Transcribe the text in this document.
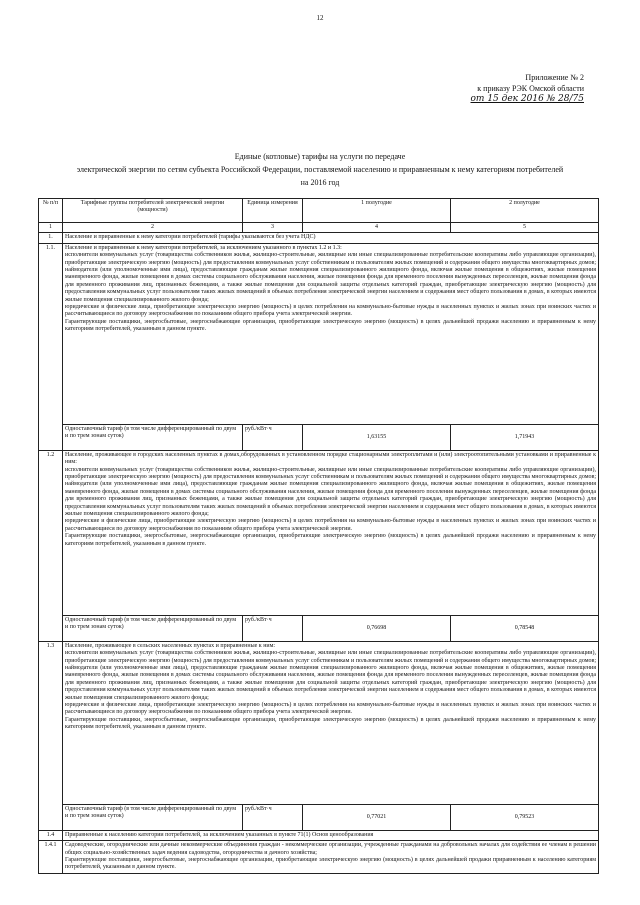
12
Приложение № 2
к приказу РЭК Омской области
от 15 дек 2016 № 28/75
Единые (котловые) тарифы на услуги по передаче
электрической энергии по сетям субъекта Российской Федерации, поставляемой населению и приравненным к нему категориям потребителей
на 2016 год
№ п/п	Тарифные группы потребителей электрической энергии (мощности)	Единица измерения	1 полугодие	2 полугодие
1	2	3	4	5
1.	Население и приравненные к нему категории потребителей (тарифы указываются без учета НДС)			
1.1.	Население и приравненные к нему категории потребителей, за исключением указанного в пунктах 1.2 и 1.3:

исполнители коммунальных услуг (товарищества собственников жилья, жилищно-строительные, жилищные или иные специализированные потребительские кооперативы либо управляющие организации), приобретающие электрическую энергию (мощность) для предоставления коммунальных услуг собственникам и пользователям жилых помещений и содержания общего имущества многоквартирных домов; наймодатели (или уполномоченные ими лица), предоставляющие гражданам жилые помещения специализированного жилищного фонда, включая жилые помещения в общежитиях, жилые помещения маневренного фонда, жилые помещения в домах системы социального обслуживания населения, жилые помещения фонда для временного поселения вынужденных переселенцев, жилые помещения фонда для временного проживания лиц, признанных беженцами, а также жилые помещения для социальной защиты отдельных категорий граждан, приобретающие электрическую энергию (мощность) для предоставления коммунальных услуг пользователям таких жилых помещений в объемах потребления электрической энергии населением и содержания мест общего пользования в домах, в которых имеются жилые помещения специализированного жилого фонда;

юридические и физические лица, приобретающие электрическую энергию (мощность) в целях потребления на коммунально-бытовые нужды в населенных пунктах и жилых зонах при воинских частях и рассчитывающиеся по договору энергоснабжения по показаниям общего прибора учета электрической энергии.

Гарантирующие поставщики, энергосбытовые, энергоснабжающие организации, приобретающие электрическую энергию (мощность) в целях дальнейшей продажи населению и приравненным к нему категориям потребителей, указанным в данном пункте.			

	Одноставочный тариф (в том числе дифференцированный по двум и по трем зонам суток)	руб./кВт·ч	1,63155	1,71943
1.2	Население, проживающее в городских населенных пунктах в домах,оборудованных в установленном порядке стационарными электроплитами и (или) электроотопительными установками и приравненные к ним:

исполнители коммунальных услуг (товарищества собственников жилья, жилищно-строительные, жилищные или иные специализированные потребительские кооперативы либо управляющие организации), приобретающие электрическую энергию (мощность) для предоставления коммунальных услуг собственникам и пользователям жилых помещений и содержания общего имущества многоквартирных домов; наймодатели (или уполномоченные ими лица), предоставляющие гражданам жилые помещения специализированного жилищного фонда, включая жилые помещения в общежитиях, жилые помещения маневренного фонда, жилые помещения в домах системы социального обслуживания населения, жилые помещения фонда для временного поселения вынужденных переселенцев, жилые помещения фонда для временного проживания лиц, признанных беженцами, а также жилые помещения для социальной защиты отдельных категорий граждан, приобретающие электрическую энергию (мощность) для предоставления коммунальных услуг пользователям таких жилых помещений в объемах потребления электрической энергии населением и содержания мест общего пользования в домах, в которых имеются жилые помещения специализированного жилого фонда;

юридические и физические лица, приобретающие электрическую энергию (мощность) в целях потребления на коммунально-бытовые нужды в населенных пунктах и жилых зонах при воинских частях и рассчитывающиеся по договору энергоснабжения по показаниям общего прибора учета электрической энергии.

Гарантирующие поставщики, энергосбытовые, энергоснабжающие организации, приобретающие электрическую энергию (мощность) в целях дальнейшей продажи населению и приравненным к нему категориям потребителей, указанным в данном пункте.			

	Одноставочный тариф (в том числе дифференцированный по двум и по трем зонам суток)	руб./кВт·ч	0,76698	0,78548
1.3	Население, проживающее в сельских населенных пунктах и приравненные к ним:

исполнители коммунальных услуг (товарищества собственников жилья, жилищно-строительные, жилищные или иные специализированные потребительские кооперативы либо управляющие организации), приобретающие электрическую энергию (мощность) для предоставления коммунальных услуг собственникам и пользователям жилых помещений и содержания общего имущества многоквартирных домов; наймодатели (или уполномоченные ими лица), предоставляющие гражданам жилые помещения специализированного жилищного фонда, включая жилые помещения в общежитиях, жилые помещения маневренного фонда, жилые помещения в домах системы социального обслуживания населения, жилые помещения фонда для временного поселения вынужденных переселенцев, жилые помещения фонда для временного проживания лиц, признанных беженцами, а также жилые помещения для социальной защиты отдельных категорий граждан, приобретающие электрическую энергию (мощность) для предоставления коммунальных услуг пользователям таких жилых помещений в объемах потребления электрической энергии населением и содержания мест общего пользования в домах, в которых имеются жилые помещения специализированного жилого фонда;

юридические и физические лица, приобретающие электрическую энергию (мощность) в целях потребления на коммунально-бытовые нужды в населенных пунктах и жилых зонах при воинских частях и рассчитывающиеся по договору энергоснабжения по показаниям общего прибора учета электрической энергии.

Гарантирующие поставщики, энергосбытовые, энергоснабжающие организации, приобретающие электрическую энергию (мощность) в целях дальнейшей продажи населению и приравненным к нему категориям потребителей, указанным в данном пункте.			

	Одноставочный тариф (в том числе дифференцированный по двум и по трем зонам суток)	руб./кВт·ч	0,77021	0,79523
1.4	Приравненные к населению категории потребителей, за исключением указанных в пункте 71(1) Основ ценообразования			
1.4.1	Садоводческие, огороднические или дачные некоммерческие объединения граждан - некоммерческие организации, учрежденные гражданами на добровольных началах для содействия ее членам в решении общих социально-хозяйственных задач ведения садоводства, огородничества и дачного хозяйства;

Гарантирующие поставщики, энергосбытовые, энергоснабжающие организации, приобретающие электрическую энергию (мощность) в целях дальнейшей продажи приравненным к населению категориям потребителей, указанным в данном пункте.			
